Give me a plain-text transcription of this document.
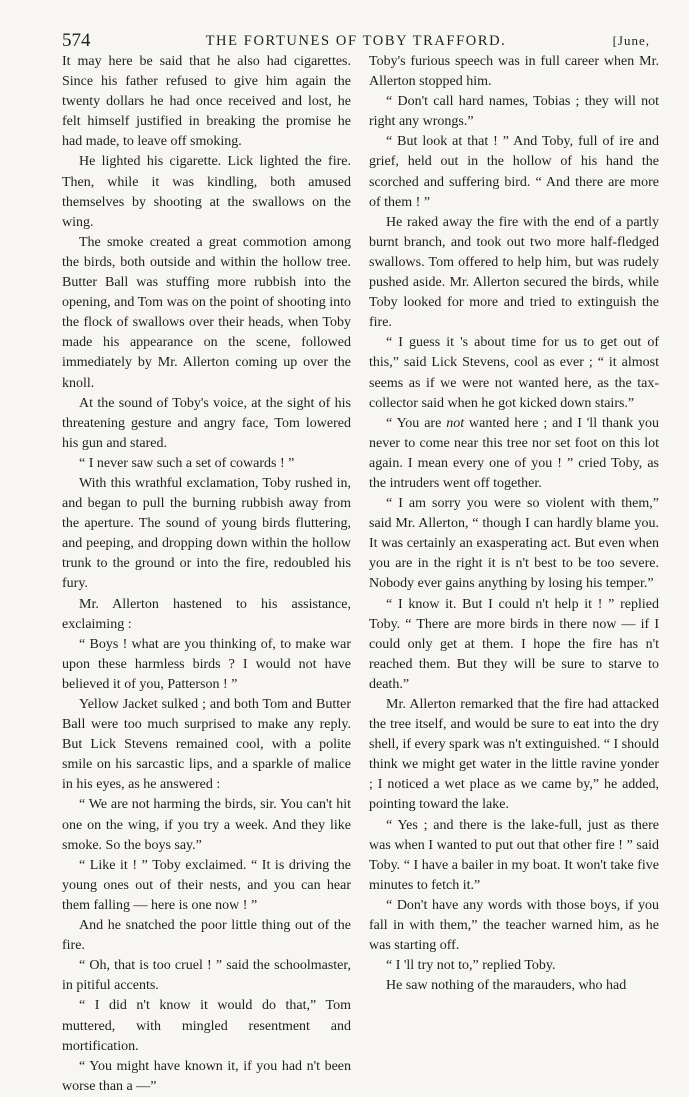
574	THE FORTUNES OF TOBY TRAFFORD.	[June,

It may here be said that he also had cigarettes. Since his father refused to give him again the twenty dollars he had once received and lost, he felt himself justified in breaking the promise he had made, to leave off smoking.

He lighted his cigarette. Lick lighted the fire. Then, while it was kindling, both amused themselves by shooting at the swallows on the wing.

The smoke created a great commotion among the birds, both outside and within the hollow tree. Butter Ball was stuffing more rubbish into the opening, and Tom was on the point of shooting into the flock of swallows over their heads, when Toby made his appearance on the scene, followed immediately by Mr. Allerton coming up over the knoll.

At the sound of Toby's voice, at the sight of his threatening gesture and angry face, Tom lowered his gun and stared.

“ I never saw such a set of cowards ! ”

With this wrathful exclamation, Toby rushed in, and began to pull the burning rubbish away from the aperture. The sound of young birds fluttering, and peeping, and dropping down within the hollow trunk to the ground or into the fire, redoubled his fury.

Mr. Allerton hastened to his assistance, exclaiming :

“ Boys ! what are you thinking of, to make war upon these harmless birds ? I would not have believed it of you, Patterson ! ”

Yellow Jacket sulked ; and both Tom and Butter Ball were too much surprised to make any reply. But Lick Stevens remained cool, with a polite smile on his sarcastic lips, and a sparkle of malice in his eyes, as he answered :

“ We are not harming the birds, sir. You can't hit one on the wing, if you try a week. And they like smoke. So the boys say.”

“ Like it ! ” Toby exclaimed. “ It is driving the young ones out of their nests, and you can hear them falling — here is one now ! ”

And he snatched the poor little thing out of the fire.

“ Oh, that is too cruel ! ” said the schoolmaster, in pitiful accents.

“ I did n't know it would do that,” Tom muttered, with mingled resentment and mortification.

“ You might have known it, if you had n't been worse than a —”

Toby's furious speech was in full career when Mr. Allerton stopped him.

“ Don't call hard names, Tobias ; they will not right any wrongs.”

“ But look at that ! ” And Toby, full of ire and grief, held out in the hollow of his hand the scorched and suffering bird. “ And there are more of them ! ”

He raked away the fire with the end of a partly burnt branch, and took out two more half-fledged swallows. Tom offered to help him, but was rudely pushed aside. Mr. Allerton secured the birds, while Toby looked for more and tried to extinguish the fire.

“ I guess it 's about time for us to get out of this,” said Lick Stevens, cool as ever ; “ it almost seems as if we were not wanted here, as the tax-collector said when he got kicked down stairs.”

“ You are not wanted here ; and I 'll thank you never to come near this tree nor set foot on this lot again. I mean every one of you ! ” cried Toby, as the intruders went off together.

“ I am sorry you were so violent with them,” said Mr. Allerton, “ though I can hardly blame you. It was certainly an exasperating act. But even when you are in the right it is n't best to be too severe. Nobody ever gains anything by losing his temper.”

“ I know it. But I could n't help it ! ” replied Toby. “ There are more birds in there now — if I could only get at them. I hope the fire has n't reached them. But they will be sure to starve to death.”

Mr. Allerton remarked that the fire had attacked the tree itself, and would be sure to eat into the dry shell, if every spark was n't extinguished. “ I should think we might get water in the little ravine yonder ; I noticed a wet place as we came by,” he added, pointing toward the lake.

“ Yes ; and there is the lake-full, just as there was when I wanted to put out that other fire ! ” said Toby. “ I have a bailer in my boat. It won't take five minutes to fetch it.”

“ Don't have any words with those boys, if you fall in with them,” the teacher warned him, as he was starting off.

“ I 'll try not to,” replied Toby.

He saw nothing of the marauders, who had
